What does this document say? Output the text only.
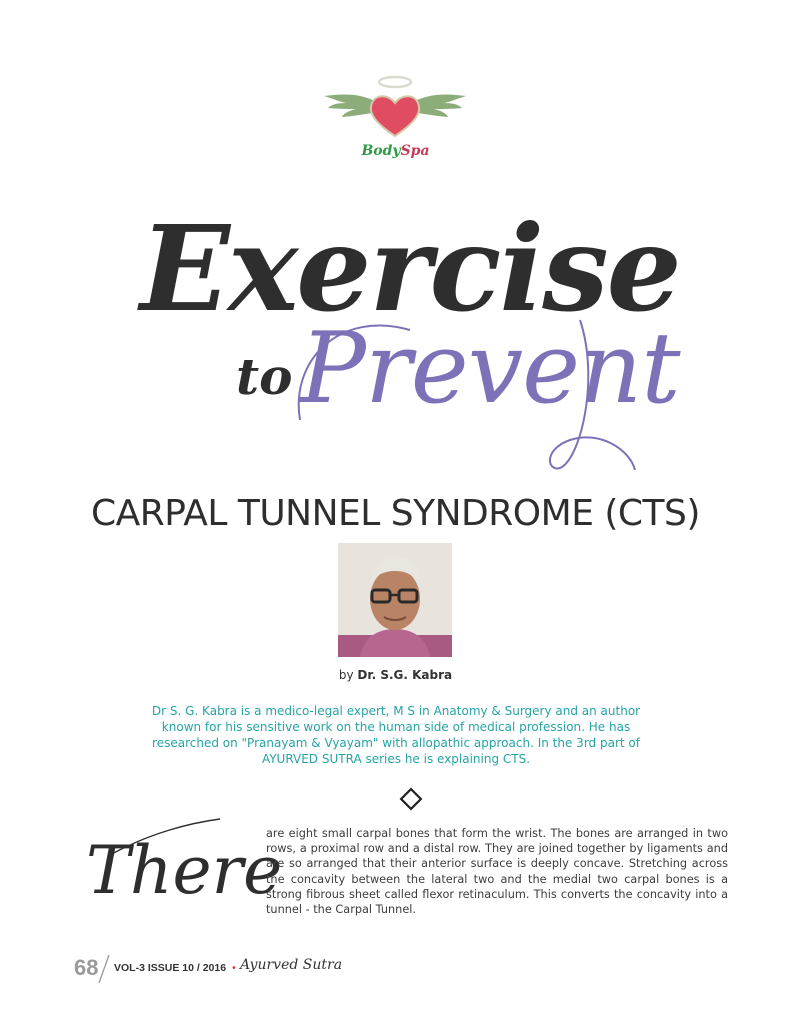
BodySpa
Exercise
to Prevent
CARPAL TUNNEL SYNDROME (CTS)
by Dr. S.G. Kabra
Dr S. G. Kabra is a medico-legal expert, M S in Anatomy & Surgery and an author known for his sensitive work on the human side of medical profession. He has researched on "Pranayam & Vyayam" with allopathic approach. In the 3rd part of AYURVED SUTRA series he is explaining CTS.
There
are eight small carpal bones that form the wrist. The bones are arranged in two rows, a proximal row and a distal row. They are joined together by ligaments and are so arranged that their anterior surface is deeply concave. Stretching across the concavity between the lateral two and the medial two carpal bones is a strong fibrous sheet called flexor retinaculum. This converts the concavity into a tunnel - the Carpal Tunnel.
68 VOL-3 ISSUE 10 / 2016 • Ayurved Sutra
